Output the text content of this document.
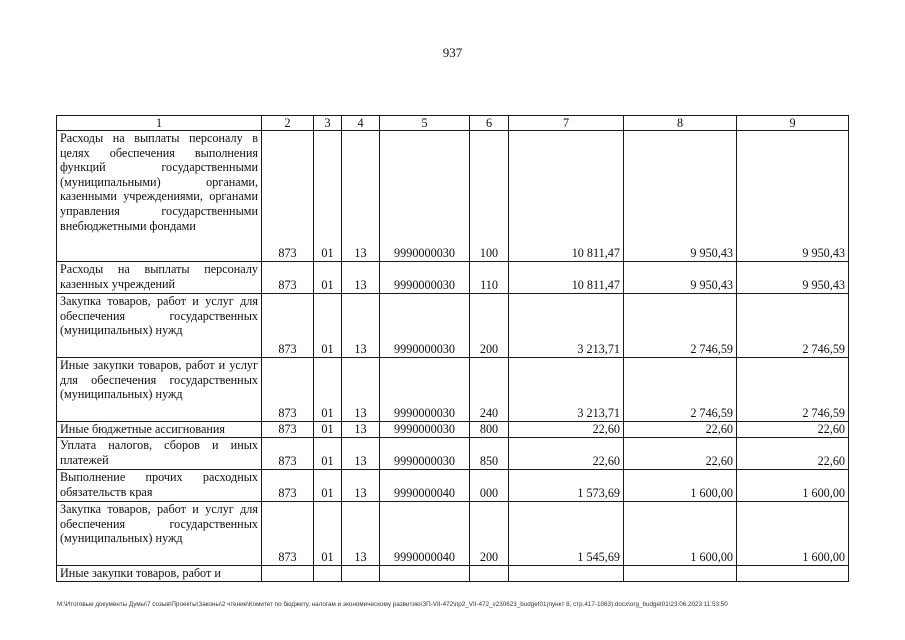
937
1	2	3	4	5	6	7	8	9
Расходы на выплаты персоналу в целях обеспечения выполнения функций государственными (муниципальными) органами, казенными учреждениями, органами управления государственными внебюджетными фондами	873	01	13	9990000030	100	10 811,47	9 950,43	9 950,43
Расходы на выплаты персоналу казенных учреждений	873	01	13	9990000030	110	10 811,47	9 950,43	9 950,43
Закупка товаров, работ и услуг для обеспечения государственных (муниципальных) нужд	873	01	13	9990000030	200	3 213,71	2 746,59	2 746,59
Иные закупки товаров, работ и услуг для обеспечения государственных (муниципальных) нужд	873	01	13	9990000030	240	3 213,71	2 746,59	2 746,59
Иные бюджетные ассигнования	873	01	13	9990000030	800	22,60	22,60	22,60
Уплата налогов, сборов и иных платежей	873	01	13	9990000030	850	22,60	22,60	22,60
Выполнение прочих расходных обязательств края	873	01	13	9990000040	000	1 573,69	1 600,00	1 600,00
Закупка товаров, работ и услуг для обеспечения государственных (муниципальных) нужд	873	01	13	9990000040	200	1 545,69	1 600,00	1 600,00
Иные закупки товаров, работ и								
M:\Итоговые документы Думы\7 созыв\Проекты\Законы\2 чтение\Комитет по бюджету, налогам и экономическому развитию\ЗП-VII-472\пр2_VII-472_v230623_budget01(пункт 8, стр.417-1063).docx\org_budget01\23.06.2023 11:53:50
